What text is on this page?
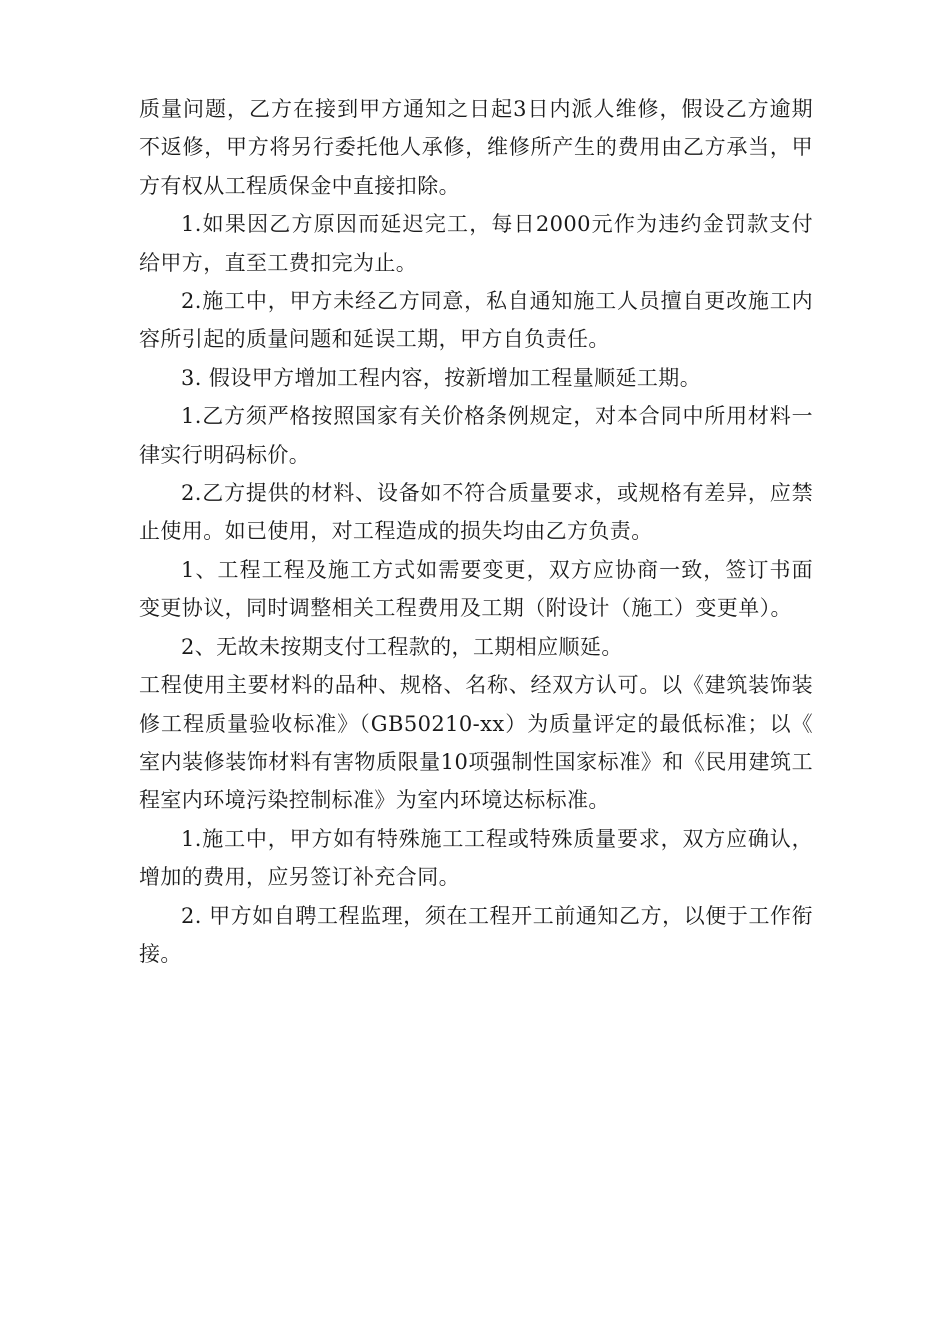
质量问题，乙方在接到甲方通知之日起3日内派人维修，假设乙方逾期不返修，甲方将另行委托他人承修，维修所产生的费用由乙方承当，甲方有权从工程质保金中直接扣除。

1.如果因乙方原因而延迟完工，每日2000元作为违约金罚款支付给甲方，直至工费扣完为止。

2.施工中，甲方未经乙方同意，私自通知施工人员擅自更改施工内容所引起的质量问题和延误工期，甲方自负责任。

3. 假设甲方增加工程内容，按新增加工程量顺延工期。

1.乙方须严格按照国家有关价格条例规定，对本合同中所用材料一律实行明码标价。

2.乙方提供的材料、设备如不符合质量要求，或规格有差异，应禁止使用。如已使用，对工程造成的损失均由乙方负责。

1、工程工程及施工方式如需要变更，双方应协商一致，签订书面变更协议，同时调整相关工程费用及工期（附设计（施工）变更单）。

2、无故未按期支付工程款的，工期相应顺延。

工程使用主要材料的品种、规格、名称、经双方认可。以《建筑装饰装修工程质量验收标准》（GB50210-xx）为质量评定的最低标准；以《室内装修装饰材料有害物质限量10项强制性国家标准》和《民用建筑工程室内环境污染控制标准》为室内环境达标标准。

1.施工中，甲方如有特殊施工工程或特殊质量要求，双方应确认，增加的费用，应另签订补充合同。

2. 甲方如自聘工程监理，须在工程开工前通知乙方，以便于工作衔接。
